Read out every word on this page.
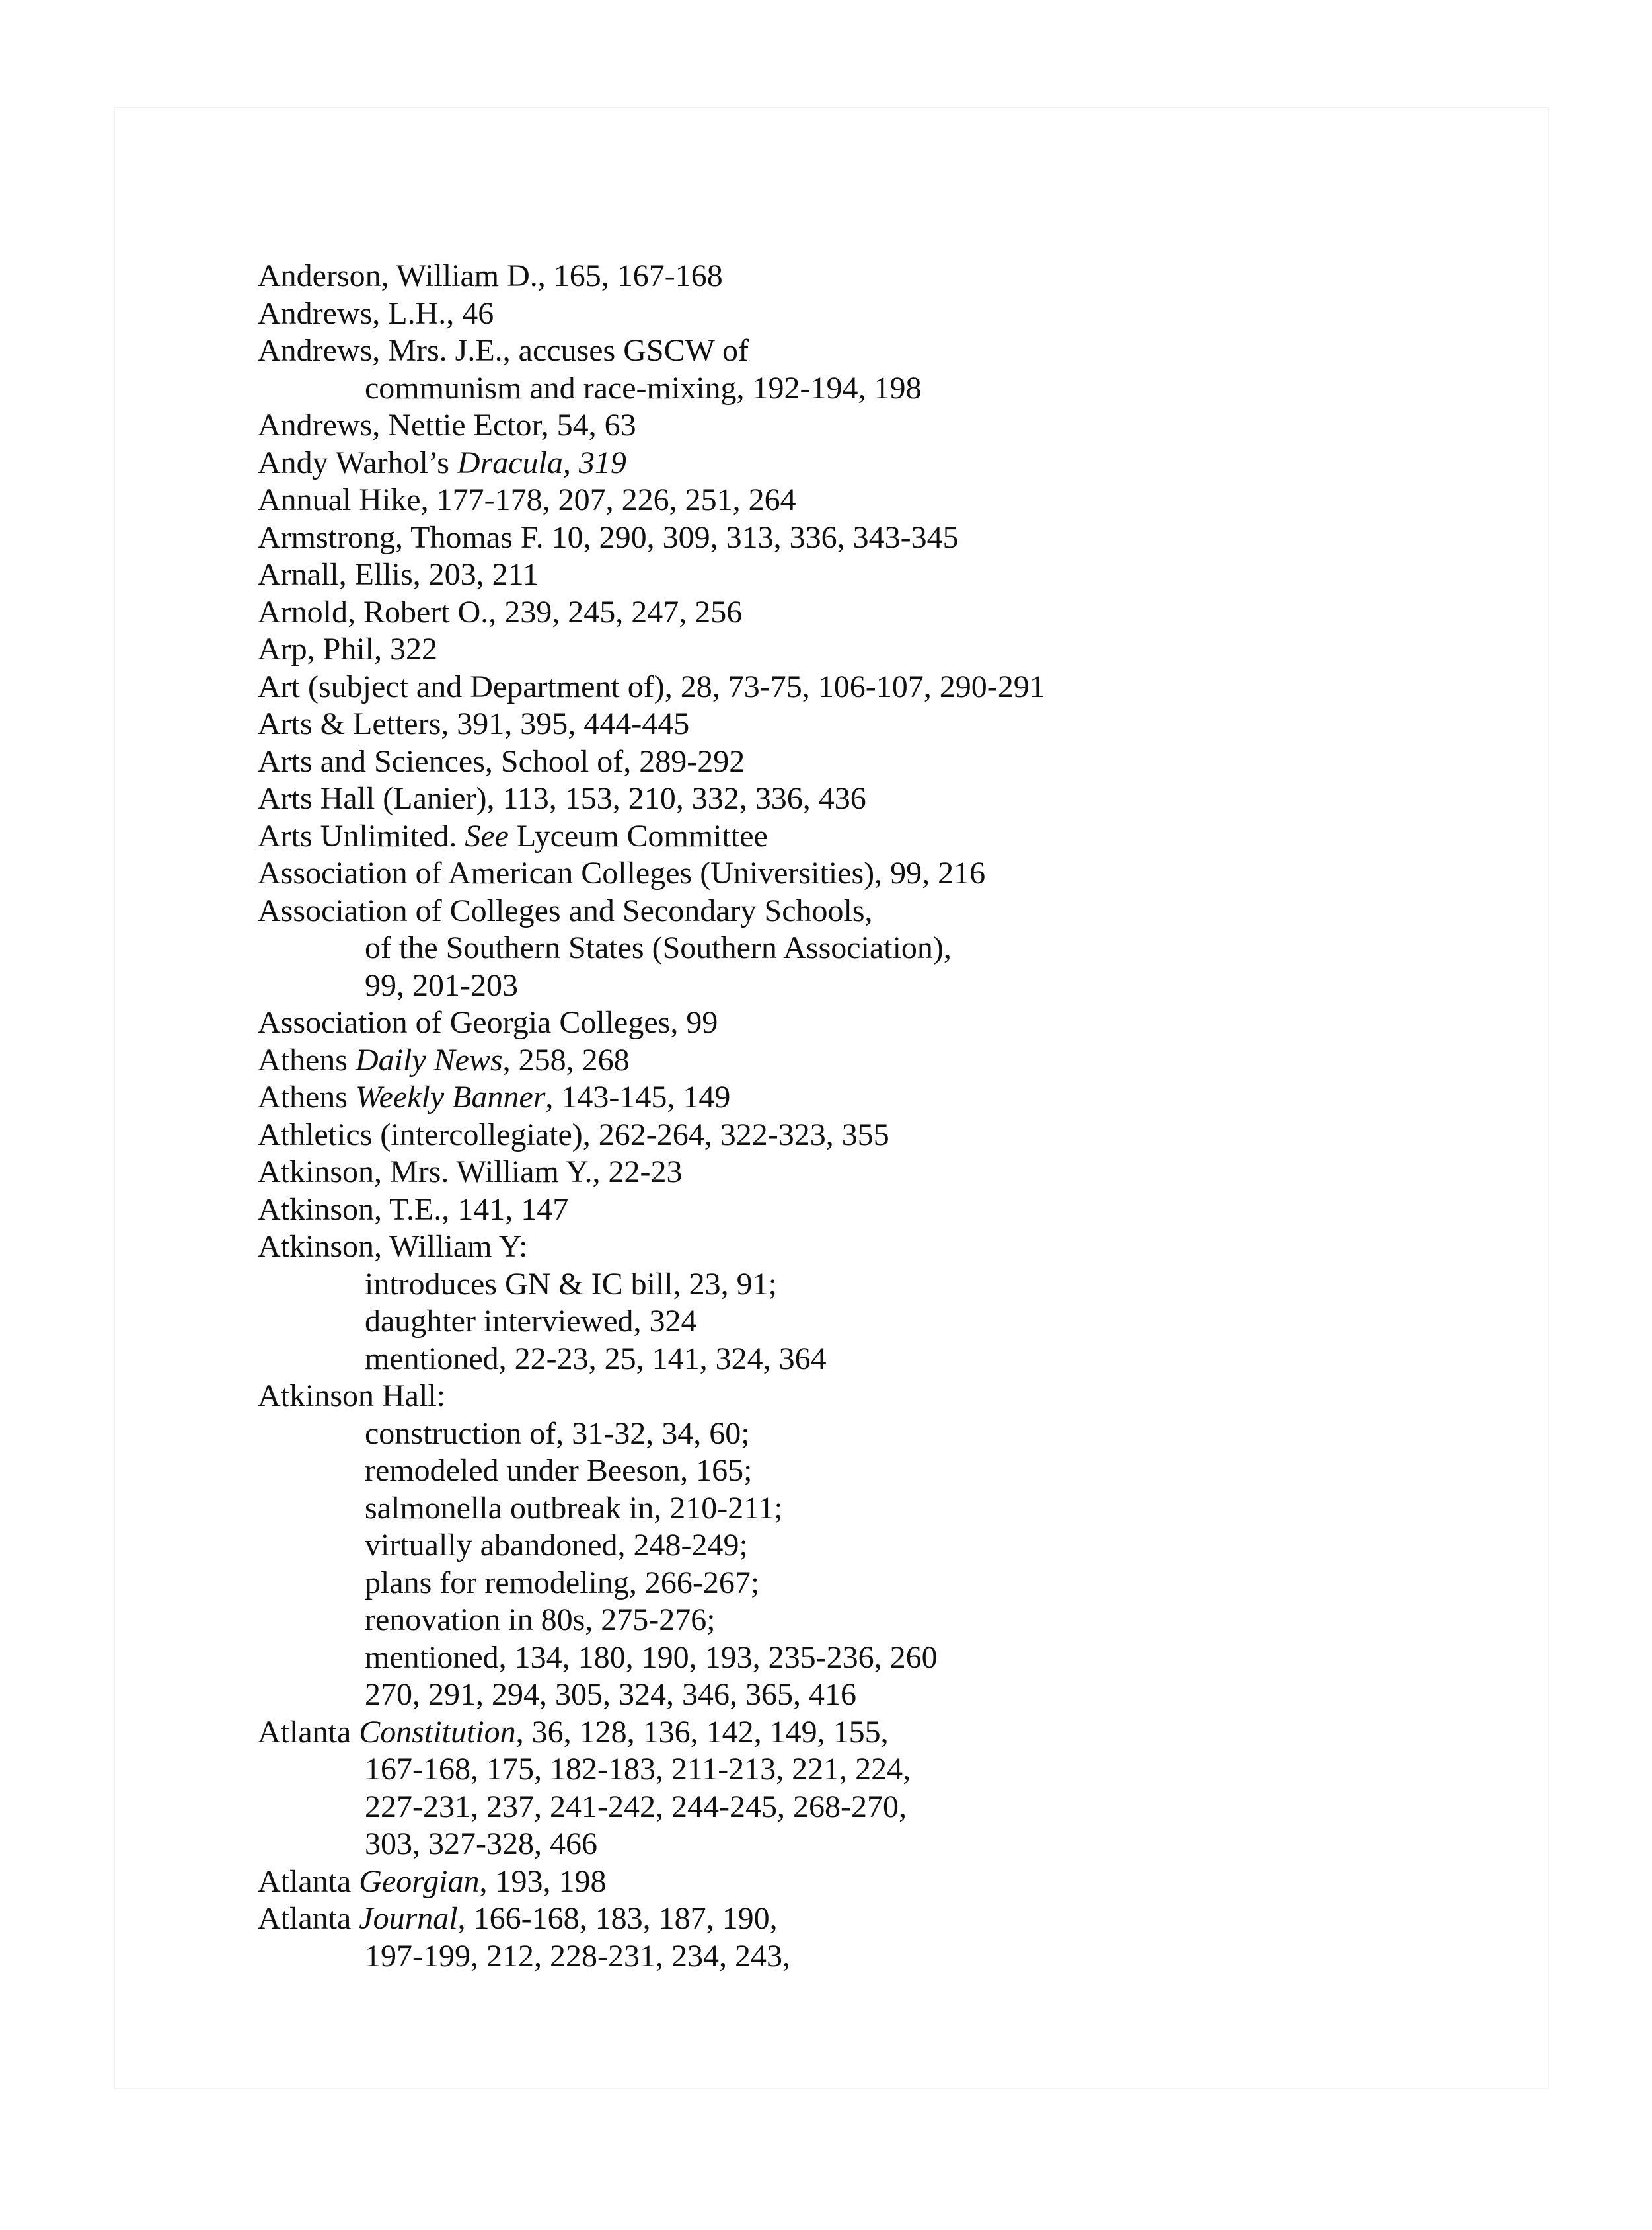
Anderson, William D., 165, 167-168
Andrews, L.H., 46
Andrews, Mrs. J.E., accuses GSCW of
communism and race-mixing, 192-194, 198
Andrews, Nettie Ector, 54, 63
Andy Warhol’s Dracula, 319
Annual Hike, 177-178, 207, 226, 251, 264
Armstrong, Thomas F. 10, 290, 309, 313, 336, 343-345
Arnall, Ellis, 203, 211
Arnold, Robert O., 239, 245, 247, 256
Arp, Phil, 322
Art (subject and Department of), 28, 73-75, 106-107, 290-291
Arts & Letters, 391, 395, 444-445
Arts and Sciences, School of, 289-292
Arts Hall (Lanier), 113, 153, 210, 332, 336, 436
Arts Unlimited. See Lyceum Committee
Association of American Colleges (Universities), 99, 216
Association of Colleges and Secondary Schools,
of the Southern States (Southern Association),
99, 201-203
Association of Georgia Colleges, 99
Athens Daily News, 258, 268
Athens Weekly Banner, 143-145, 149
Athletics (intercollegiate), 262-264, 322-323, 355
Atkinson, Mrs. William Y., 22-23
Atkinson, T.E., 141, 147
Atkinson, William Y:
introduces GN & IC bill, 23, 91;
daughter interviewed, 324
mentioned, 22-23, 25, 141, 324, 364
Atkinson Hall:
construction of, 31-32, 34, 60;
remodeled under Beeson, 165;
salmonella outbreak in, 210-211;
virtually abandoned, 248-249;
plans for remodeling, 266-267;
renovation in 80s, 275-276;
mentioned, 134, 180, 190, 193, 235-236, 260
270, 291, 294, 305, 324, 346, 365, 416
Atlanta Constitution, 36, 128, 136, 142, 149, 155,
167-168, 175, 182-183, 211-213, 221, 224,
227-231, 237, 241-242, 244-245, 268-270,
303, 327-328, 466
Atlanta Georgian, 193, 198
Atlanta Journal, 166-168, 183, 187, 190,
197-199, 212, 228-231, 234, 243,
